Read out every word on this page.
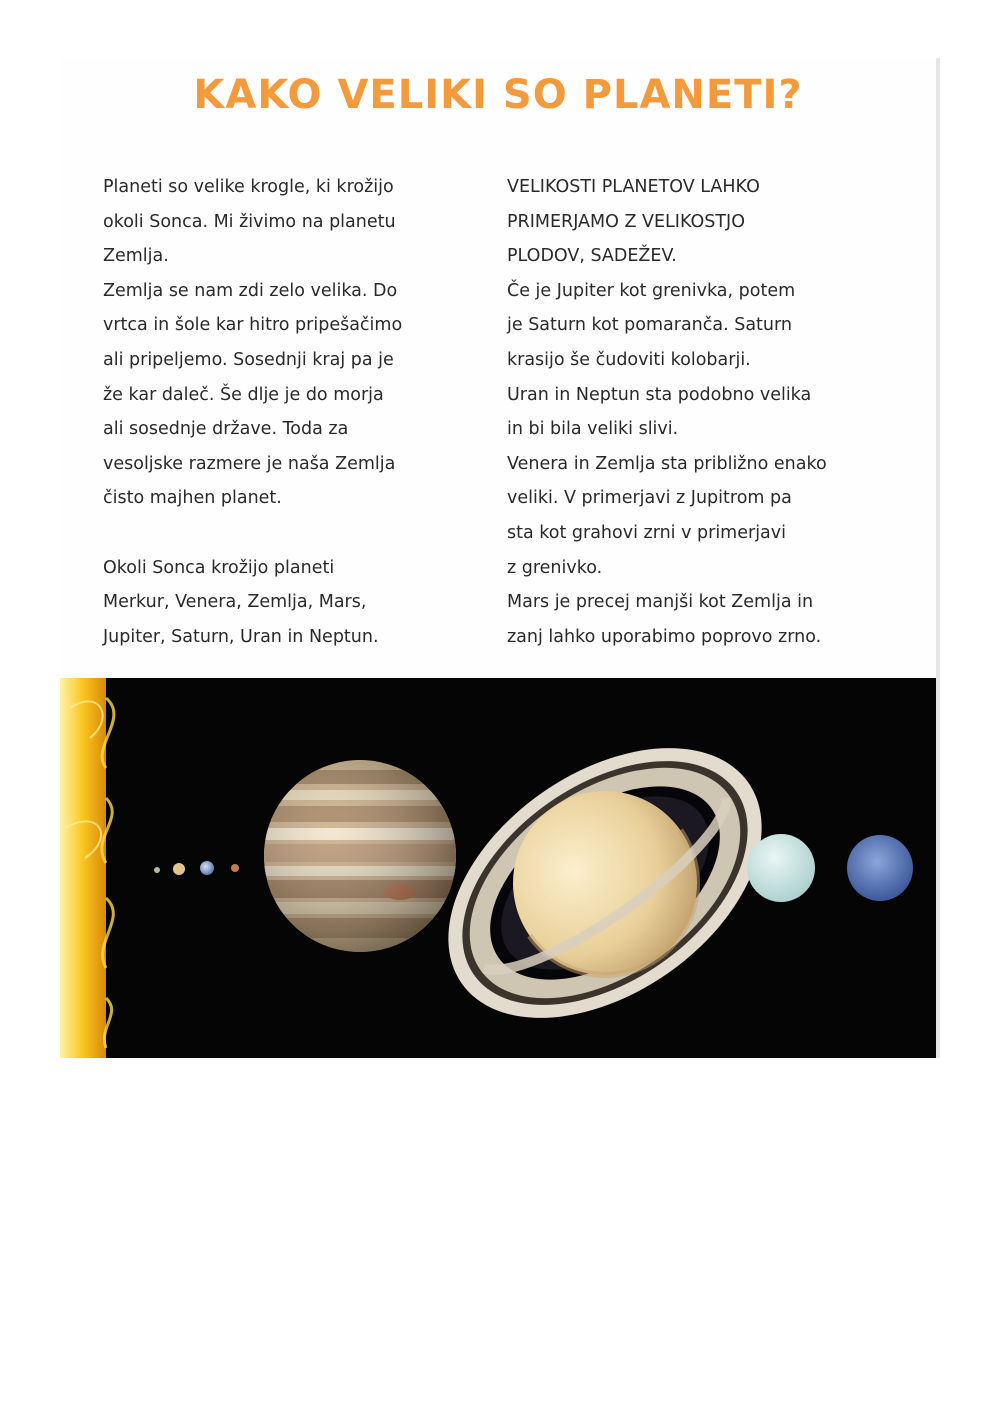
KAKO VELIKI SO PLANETI?

Planeti so velike krogle, ki krožijo

okoli Sonca. Mi živimo na planetu

Zemlja.

Zemlja se nam zdi zelo velika. Do

vrtca in šole kar hitro pripešačimo

ali pripeljemo. Sosednji kraj pa je

že kar daleč. Še dlje je do morja

ali sosednje države. Toda za

vesoljske razmere je naša Zemlja

čisto majhen planet.

Okoli Sonca krožijo planeti

Merkur, Venera, Zemlja, Mars,

Jupiter, Saturn, Uran in Neptun.

VELIKOSTI PLANETOV LAHKO

PRIMERJAMO Z VELIKOSTJO

PLODOV, SADEŽEV.

Če je Jupiter kot grenivka, potem

je Saturn kot pomaranča. Saturn

krasijo še čudoviti kolobarji.

Uran in Neptun sta podobno velika

in bi bila veliki slivi.

Venera in Zemlja sta približno enako

veliki. V primerjavi z Jupitrom pa

sta kot grahovi zrni v primerjavi

z grenivko.

Mars je precej manjši kot Zemlja in

zanj lahko uporabimo poprovo zrno.
